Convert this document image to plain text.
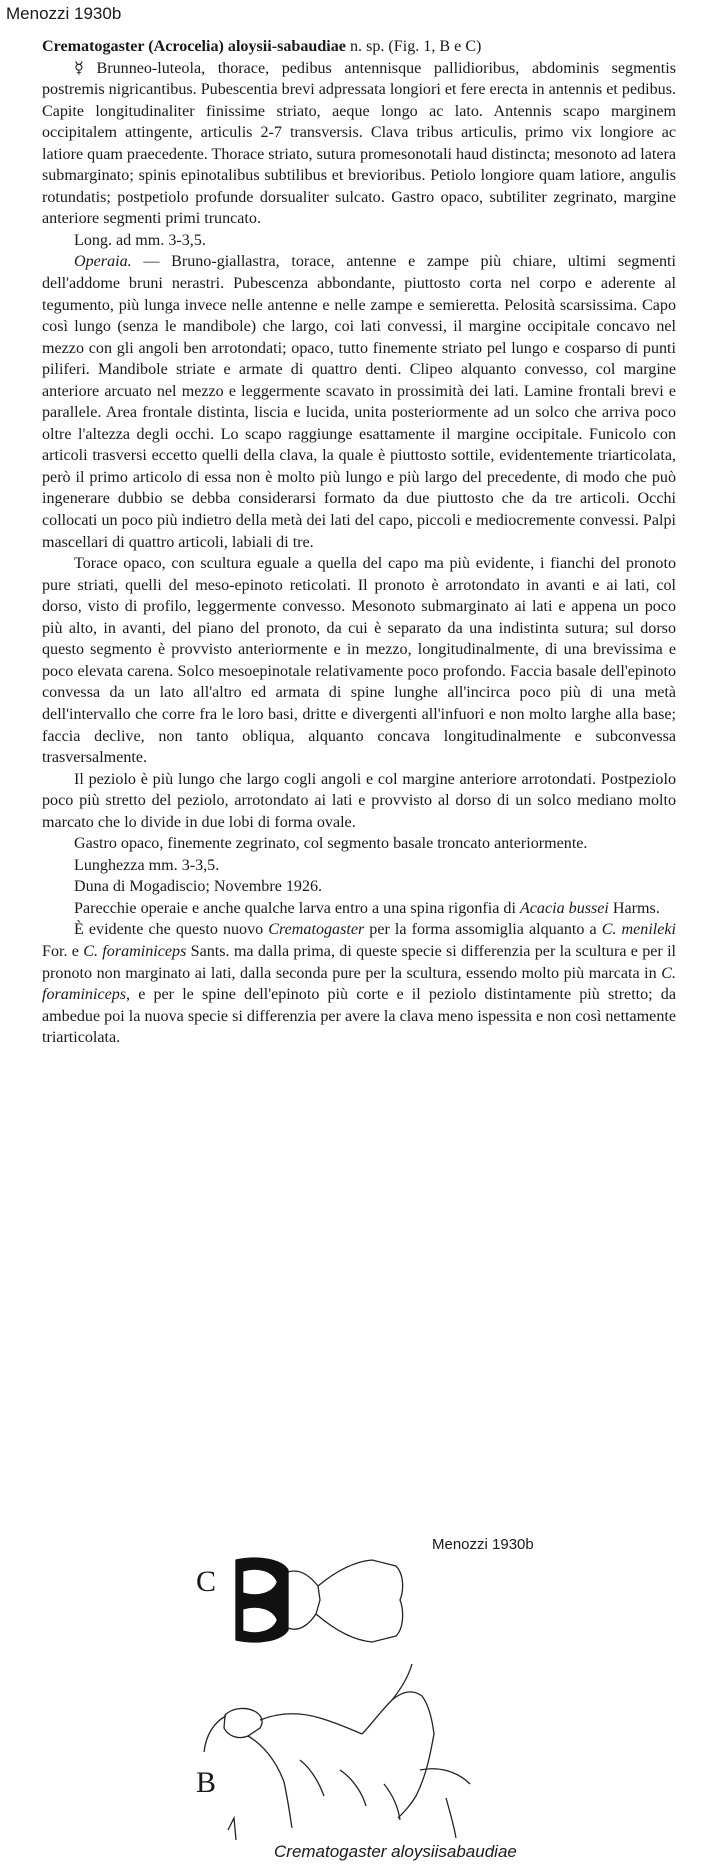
Menozzi 1930b

Crematogaster (Acrocelia) aloysii-sabaudiae n. sp. (Fig. 1, B e C)

☿ Brunneo-luteola, thorace, pedibus antennisque pallidioribus, abdominis segmentis postremis nigricantibus. Pubescentia brevi adpressata longiori et fere erecta in antennis et pedibus. Capite longitudinaliter finissime striato, aeque longo ac lato. Antennis scapo marginem occipitalem attingente, articulis 2-7 transversis. Clava tribus articulis, primo vix longiore ac latiore quam praecedente. Thorace striato, sutura promesonotali haud distincta; mesonoto ad latera submarginato; spinis epinotalibus subtilibus et brevioribus. Petiolo longiore quam latiore, angulis rotundatis; postpetiolo profunde dorsualiter sulcato. Gastro opaco, subtiliter zegrinato, margine anteriore segmenti primi truncato.

Long. ad mm. 3-3,5.

Operaia. — Bruno-giallastra, torace, antenne e zampe più chiare, ultimi segmenti dell'addome bruni nerastri. Pubescenza abbondante, piuttosto corta nel corpo e aderente al tegumento, più lunga invece nelle antenne e nelle zampe e semieretta. Pelosità scarsissima. Capo così lungo (senza le mandibole) che largo, coi lati convessi, il margine occipitale concavo nel mezzo con gli angoli ben arrotondati; opaco, tutto finemente striato pel lungo e cosparso di punti piliferi. Mandibole striate e armate di quattro denti. Clipeo alquanto convesso, col margine anteriore arcuato nel mezzo e leggermente scavato in prossimità dei lati. Lamine frontali brevi e parallele. Area frontale distinta, liscia e lucida, unita posteriormente ad un solco che arriva poco oltre l'altezza degli occhi. Lo scapo raggiunge esattamente il margine occipitale. Funicolo con articoli trasversi eccetto quelli della clava, la quale è piuttosto sottile, evidentemente triarticolata, però il primo articolo di essa non è molto più lungo e più largo del precedente, di modo che può ingenerare dubbio se debba considerarsi formato da due piuttosto che da tre articoli. Occhi collocati un poco più indietro della metà dei lati del capo, piccoli e mediocremente convessi. Palpi mascellari di quattro articoli, labiali di tre.

Torace opaco, con scultura eguale a quella del capo ma più evidente, i fianchi del pronoto pure striati, quelli del meso-epinoto reticolati. Il pronoto è arrotondato in avanti e ai lati, col dorso, visto di profilo, leggermente convesso. Mesonoto submarginato ai lati e appena un poco più alto, in avanti, del piano del pronoto, da cui è separato da una indistinta sutura; sul dorso questo segmento è provvisto anteriormente e in mezzo, longitudinalmente, di una brevissima e poco elevata carena. Solco mesoepinotale relativamente poco profondo. Faccia basale dell'epinoto convessa da un lato all'altro ed armata di spine lunghe all'incirca poco più di una metà dell'intervallo che corre fra le loro basi, dritte e divergenti all'infuori e non molto larghe alla base; faccia declive, non tanto obliqua, alquanto concava longitudinalmente e subconvessa trasversalmente.

Il peziolo è più lungo che largo cogli angoli e col margine anteriore arrotondati. Postpeziolo poco più stretto del peziolo, arrotondato ai lati e provvisto al dorso di un solco mediano molto marcato che lo divide in due lobi di forma ovale.

Gastro opaco, finemente zegrinato, col segmento basale troncato anteriormente.

Lunghezza mm. 3-3,5.

Duna di Mogadiscio; Novembre 1926.

Parecchie operaie e anche qualche larva entro a una spina rigonfia di Acacia bussei Harms.

È evidente che questo nuovo Crematogaster per la forma assomiglia alquanto a C. menileki For. e C. foraminiceps Sants. ma dalla prima, di queste specie si differenzia per la scultura e per il pronoto non marginato ai lati, dalla seconda pure per la scultura, essendo molto più marcata in C. foraminiceps, e per le spine dell'epinoto più corte e il peziolo distintamente più stretto; da ambedue poi la nuova specie si differenzia per avere la clava meno ispessita e non così nettamente triarticolata.

Menozzi 1930b
C
B
Crematogaster aloysiisabaudiae
